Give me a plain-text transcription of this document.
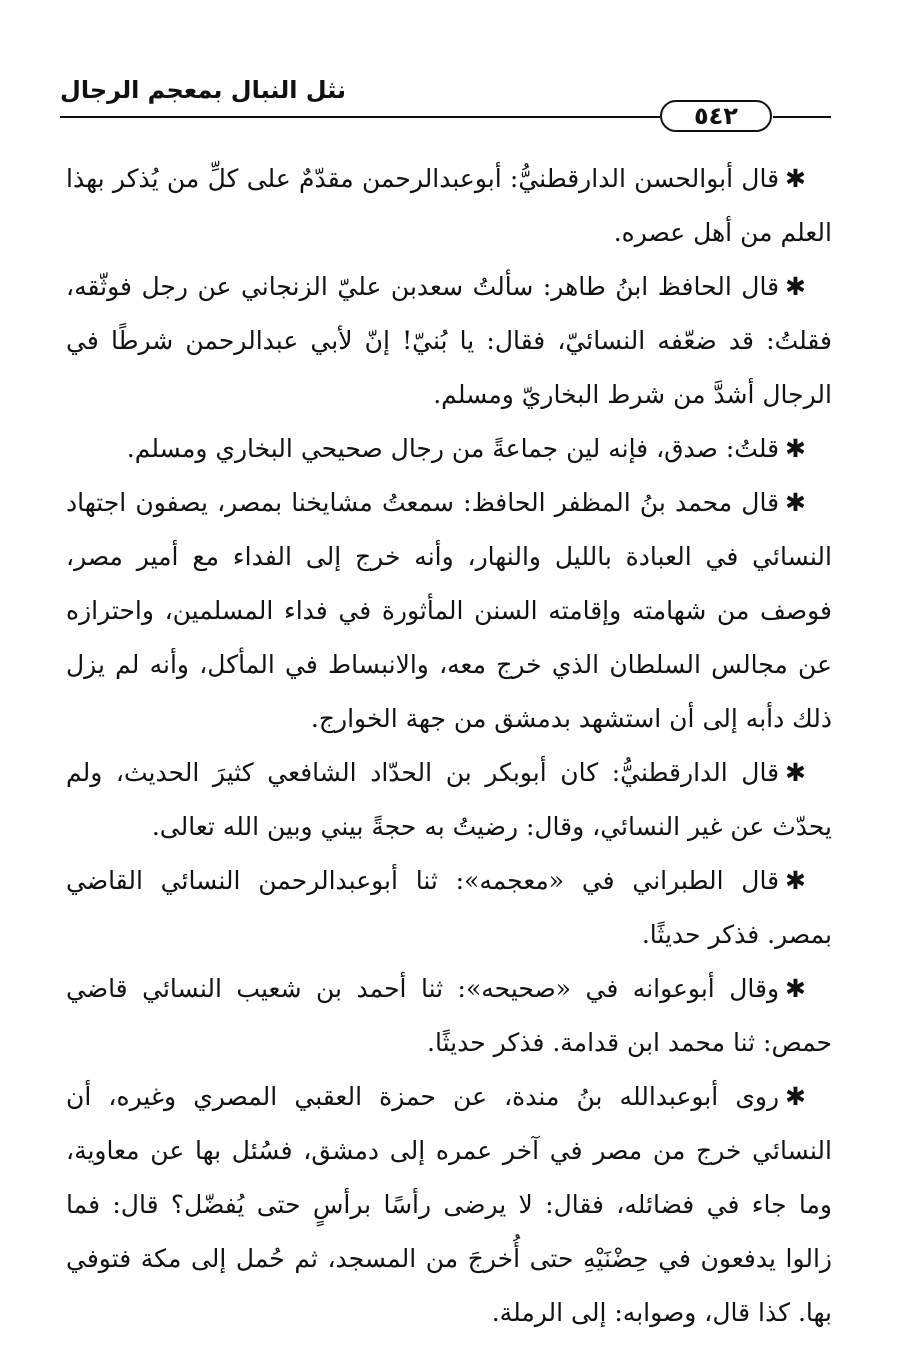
نثل النبال بمعجم الرجال
٥٤٢

✱قال أبوالحسن الدارقطنيُّ: أبوعبدالرحمن مقدّمٌ على كلِّ من يُذكر بهذا العلم من أهل عصره.

✱قال الحافظ ابنُ طاهر: سألتُ سعدبن عليّ الزنجاني عن رجل فوثّقه، فقلتُ: قد ضعّفه النسائيّ، فقال: يا بُنيّ! إنّ لأبي عبدالرحمن شرطًا في الرجال أشدَّ من شرط البخاريّ ومسلم.

✱قلتُ: صدق، فإنه لين جماعةً من رجال صحيحي البخاري ومسلم.

✱قال محمد بنُ المظفر الحافظ: سمعتُ مشايخنا بمصر، يصفون اجتهاد النسائي في العبادة بالليل والنهار، وأنه خرج إلى الفداء مع أمير مصر، فوصف من شهامته وإقامته السنن المأثورة في فداء المسلمين، واحترازه عن مجالس السلطان الذي خرج معه، والانبساط في المأكل، وأنه لم يزل ذلك دأبه إلى أن استشهد بدمشق من جهة الخوارج.

✱قال الدارقطنيُّ: كان أبوبكر بن الحدّاد الشافعي كثيرَ الحديث، ولم يحدّث عن غير النسائي، وقال: رضيتُ به حجةً بيني وبين الله تعالى.

✱قال الطبراني في «معجمه»: ثنا أبوعبدالرحمن النسائي القاضي بمصر. فذكر حديثًا.

✱وقال أبوعوانه في «صحيحه»: ثنا أحمد بن شعيب النسائي قاضي حمص: ثنا محمد ابن قدامة. فذكر حديثًا.

✱روى أبوعبدالله بنُ مندة، عن حمزة العقبي المصري وغيره، أن النسائي خرج من مصر في آخر عمره إلى دمشق، فسُئل بها عن معاوية، وما جاء في فضائله، فقال: لا يرضى رأسًا برأسٍ حتى يُفضّل؟ قال: فما زالوا يدفعون في حِضْنَيْهِ حتى أُخرجَ من المسجد، ثم حُمل إلى مكة فتوفي بها. كذا قال، وصوابه: إلى الرملة.
